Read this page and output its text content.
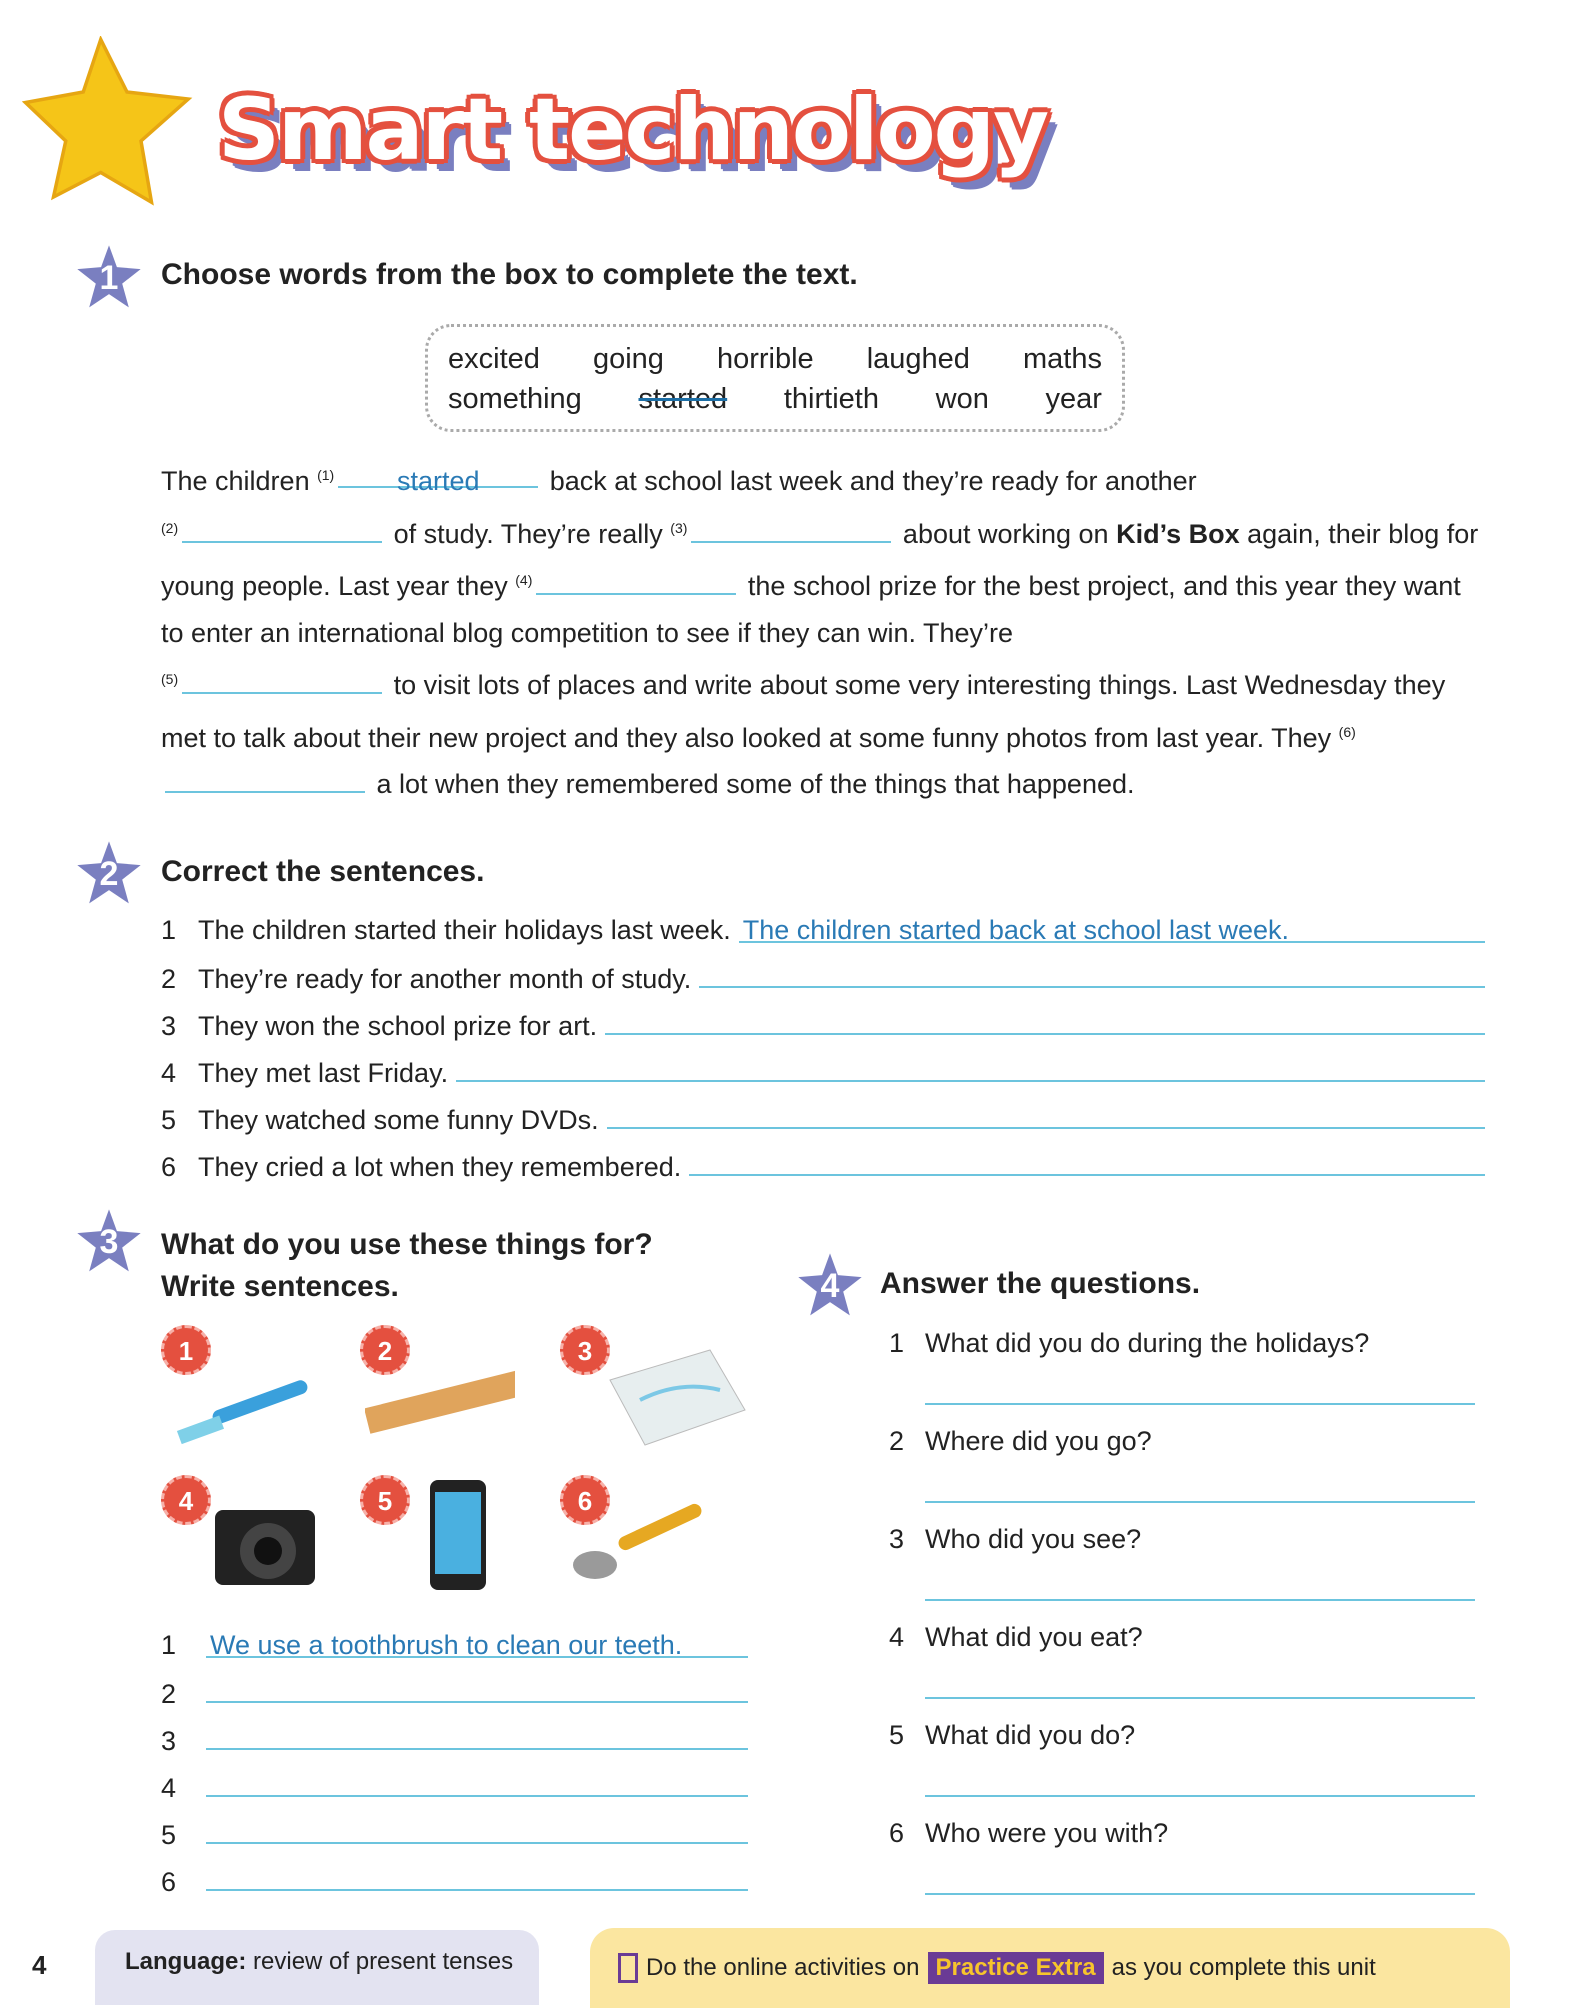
Smart technology
1	Choose words from the box to complete the text.
excited going horrible laughed maths
something started thirtieth won year
The children $^{(1)}$ started	back at school last week and they’re ready for another
$^{(2)}$	of study. They’re really $^{(3)}$	about working on Kid’s Box again, their blog for young people. Last year they $^{(4)}$	the school prize for the best project, and this year they want to enter an international blog competition to see if they can win. They’re
$^{(5)}$	to visit lots of places and write about some very interesting things. Last Wednesday they met to talk about their new project and they also looked at some funny photos from last year. They $^{(6)}$ a lot when they remembered some of the things that happened.
2	Correct the sentences.
1 The children started their holidays last week. The children started back at school last week.
2 They’re ready for another month of study.
3 They won the school prize for art.
4 They met last Friday.
5 They watched some funny DVDs.
6 They cried a lot when they remembered.
3	What do you use these things for?
Write sentences.
1	2	3
4	5	6
1	We use a toothbrush to clean our teeth.
2
3
4
5
6
4	Answer the questions.
1 What did you do during the holidays?
2 Where did you go?
3 Who did you see?
4 What did you eat?
5 What did you do?
6 Who were you with?
4	Language: review of present tenses	Do the online activities on Practice Extra as you complete this unit
